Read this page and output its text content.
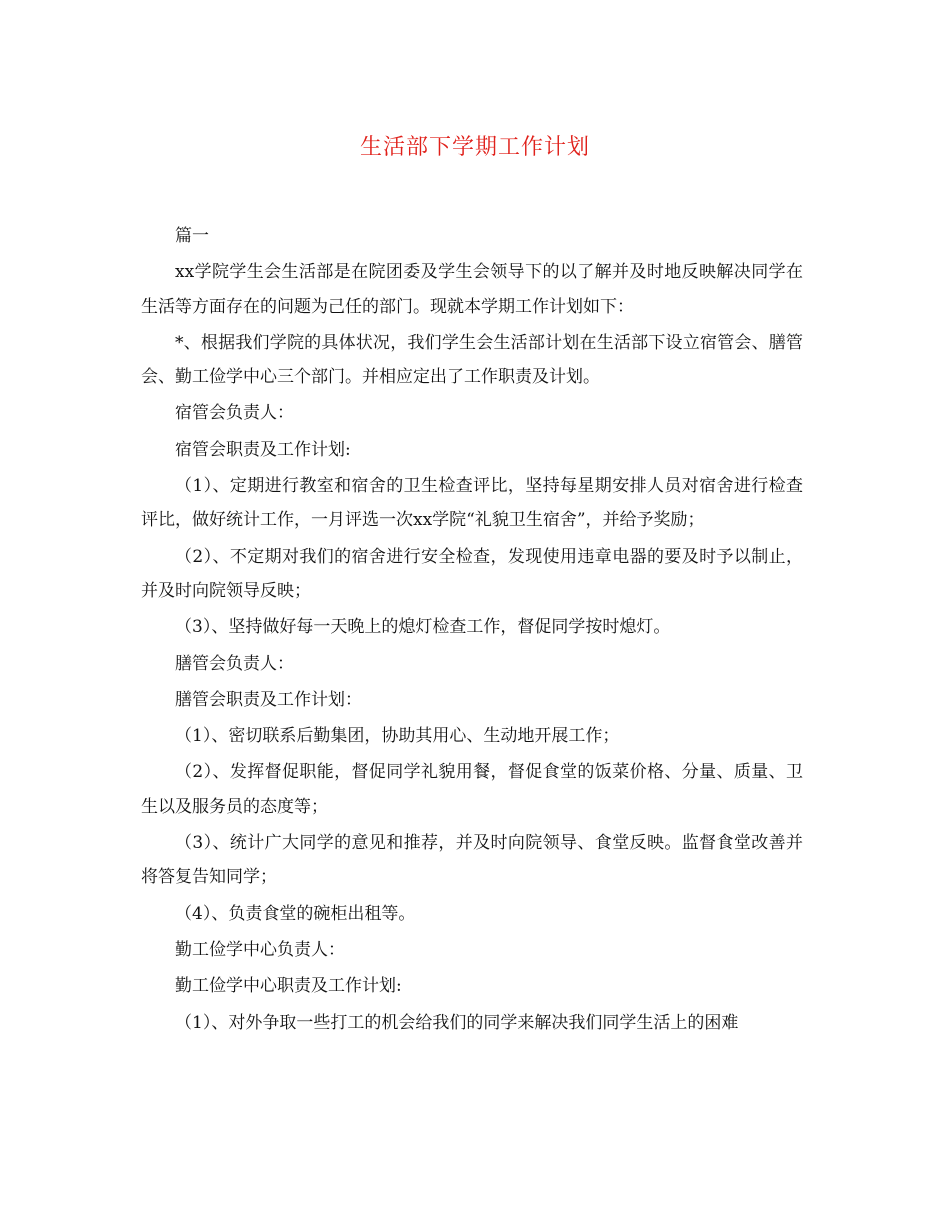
生活部下学期工作计划

篇一

xx学院学生会生活部是在院团委及学生会领导下的以了解并及时地反映解决同学在生活等方面存在的问题为己任的部门。现就本学期工作计划如下：

*、根据我们学院的具体状况，我们学生会生活部计划在生活部下设立宿管会、膳管会、勤工俭学中心三个部门。并相应定出了工作职责及计划。

宿管会负责人：

宿管会职责及工作计划:

（1）、定期进行教室和宿舍的卫生检查评比，坚持每星期安排人员对宿舍进行检查评比，做好统计工作，一月评选一次xx学院“礼貌卫生宿舍”，并给予奖励；

（2）、不定期对我们的宿舍进行安全检查，发现使用违章电器的要及时予以制止，并及时向院领导反映；

（3）、坚持做好每一天晚上的熄灯检查工作，督促同学按时熄灯。

膳管会负责人：

膳管会职责及工作计划：

（1）、密切联系后勤集团，协助其用心、生动地开展工作；

（2）、发挥督促职能，督促同学礼貌用餐，督促食堂的饭菜价格、分量、质量、卫生以及服务员的态度等；

（3）、统计广大同学的意见和推荐，并及时向院领导、食堂反映。监督食堂改善并将答复告知同学；

（4）、负责食堂的碗柜出租等。

勤工俭学中心负责人：

勤工俭学中心职责及工作计划:

（1）、对外争取一些打工的机会给我们的同学来解决我们同学生活上的困难
